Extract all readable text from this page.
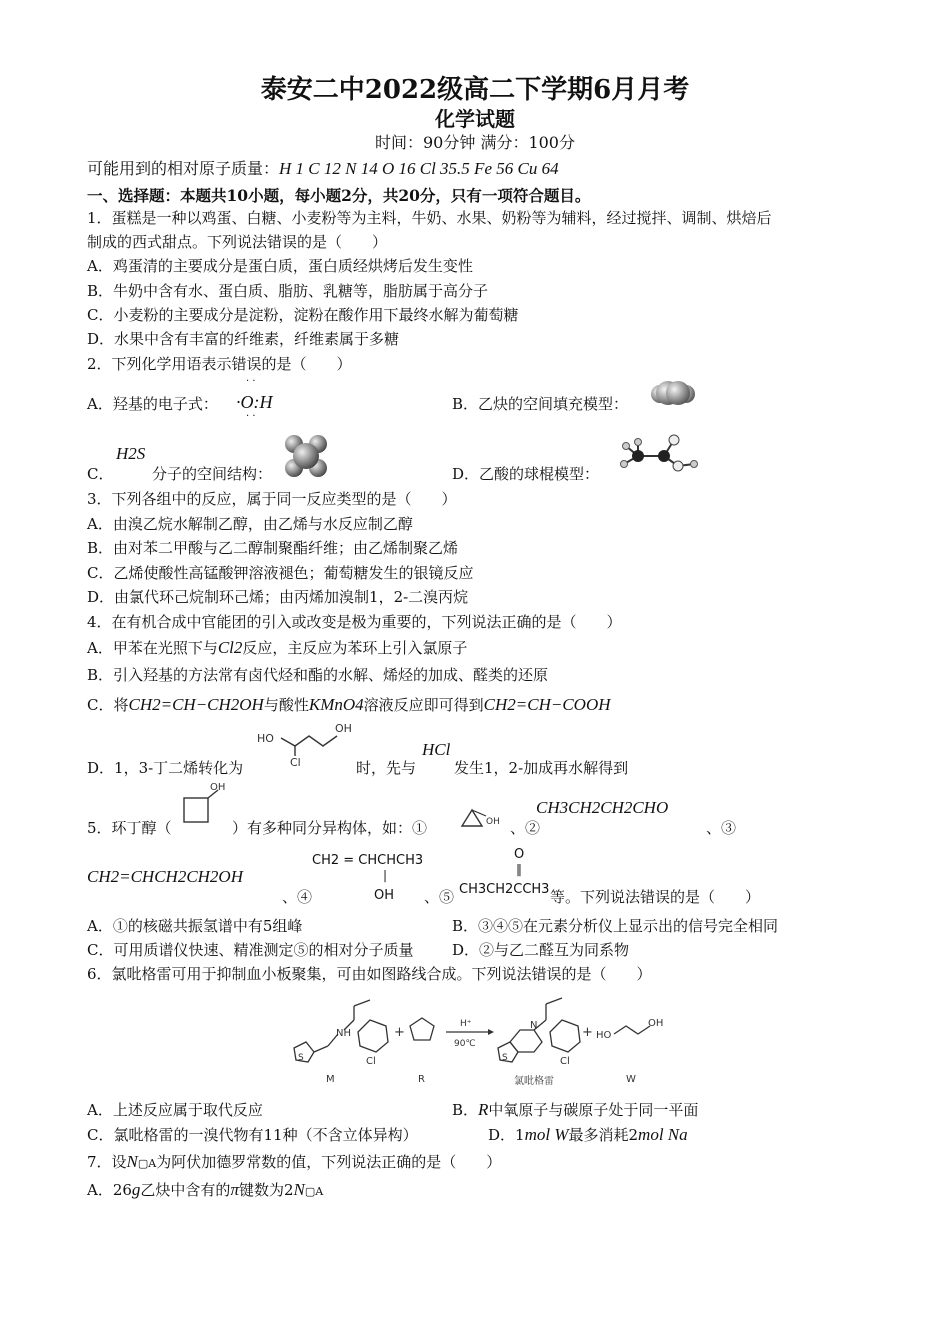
泰安二中2022级高二下学期6月月考
化学试题
时间：90分钟 满分：100分
可能用到的相对原子质量：H 1 C 12 N 14 O 16 Cl 35.5 Fe 56 Cu 64
一、选择题：本题共10小题，每小题2分，共20分，只有一项符合题目。
1．蛋糕是一种以鸡蛋、白糖、小麦粉等为主料，牛奶、水果、奶粉等为辅料，经过搅拌、调制、烘焙后
制成的西式甜点。下列说法错误的是（　　）
A．鸡蛋清的主要成分是蛋白质，蛋白质经烘烤后发生变性
B．牛奶中含有水、蛋白质、脂肪、乳糖等，脂肪属于高分子
C．小麦粉的主要成分是淀粉，淀粉在酸作用下最终水解为葡萄糖
D．水果中含有丰富的纤维素，纤维素属于多糖
2．下列化学用语表示错误的是（　　）
A．羟基的电子式： ·O:H
· ·
· ·
B．乙炔的空间填充模型：
H2S
C．	分子的空间结构：	D．乙酸的球棍模型：
3．下列各组中的反应，属于同一反应类型的是（　　）
A．由溴乙烷水解制乙醇，由乙烯与水反应制乙醇
B．由对苯二甲酸与乙二醇制聚酯纤维；由乙烯制聚乙烯
C．乙烯使酸性高锰酸钾溶液褪色；葡萄糖发生的银镜反应
D．由氯代环己烷制环己烯；由丙烯加溴制1，2-二溴丙烷
4．在有机合成中官能团的引入或改变是极为重要的，下列说法正确的是（　　）
A．甲苯在光照下与Cl2反应，主反应为苯环上引入氯原子
B．引入羟基的方法常有卤代烃和酯的水解、烯烃的加成、醛类的还原
C．将CH2=CH−CH2OH与酸性KMnO4溶液反应即可得到CH2=CH−COOH
HO
OH
Cl
HCl
D．1，3-丁二烯转化为	时，先与	发生1，2-加成再水解得到
5．环丁醇（
OH
）有多种同分异构体，如：①	OH 、②
CH3CH2CH2CHO
、③
CH2=CHCH2CH2OH
、④
CH2 = CHCHCH3
|
OH 、⑤
O
‖
CH3CH2CCH3 等。下列说法错误的是（　　）
A．①的核磁共振氢谱中有5组峰	B．③④⑤在元素分析仪上显示出的信号完全相同
C．可用质谱仪快速、精准测定⑤的相对分子质量	D．②与乙二醛互为同系物
6．氯吡格雷可用于抑制血小板聚集，可由如图路线合成。下列说法错误的是（　　）
NH
S	Cl
M
+
R
H⁺
90℃
N
S	Cl
氯吡格雷
+ HO
OH
W
A．上述反应属于取代反应	B．R中氧原子与碳原子处于同一平面
C．氯吡格雷的一溴代物有11种（不含立体异构）	D．1mol W最多消耗2mol Na
7．设N▢A为阿伏加德罗常数的值，下列说法正确的是（　　）
A．26g乙炔中含有的π键数为2N▢A
